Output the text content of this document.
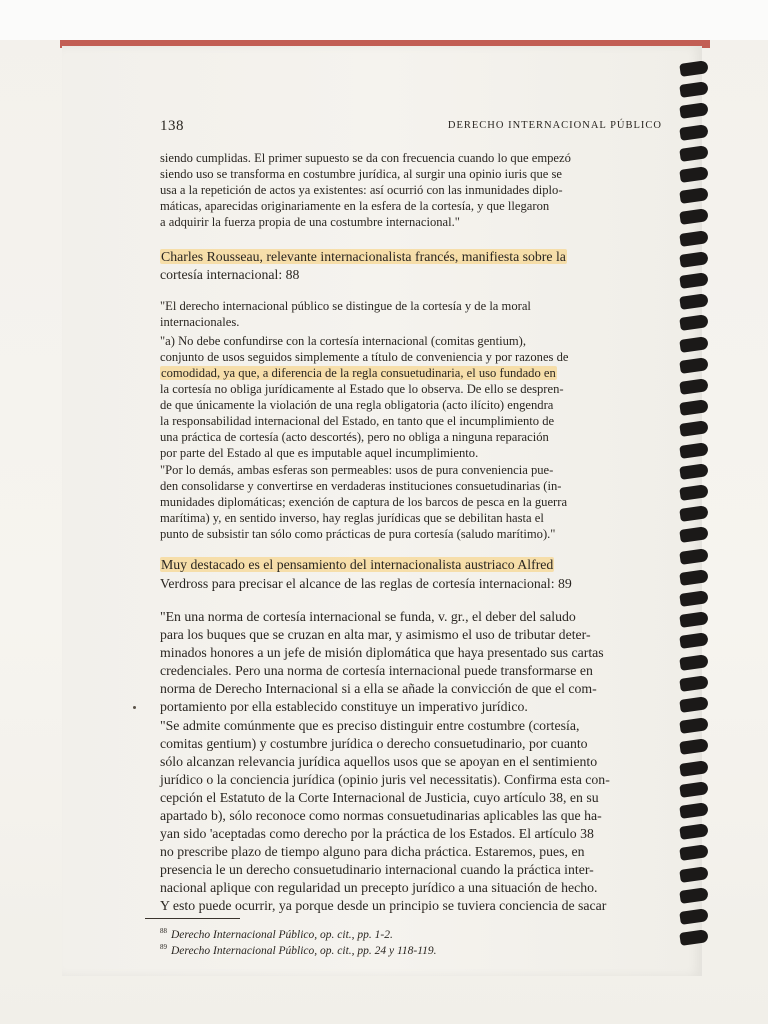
138	DERECHO INTERNACIONAL PÚBLICO
siendo cumplidas. El primer supuesto se da con frecuencia cuando lo que empezó
siendo uso se transforma en costumbre jurídica, al surgir una opinio iuris que se
usa a la repetición de actos ya existentes: así ocurrió con las inmunidades diplo-
máticas, aparecidas originariamente en la esfera de la cortesía, y que llegaron
a adquirir la fuerza propia de una costumbre internacional."
Charles Rousseau, relevante internacionalista francés, manifiesta sobre la
cortesía internacional: 88
"El derecho internacional público se distingue de la cortesía y de la moral
internacionales.
"a) No debe confundirse con la cortesía internacional (comitas gentium),
conjunto de usos seguidos simplemente a título de conveniencia y por razones de
comodidad, ya que, a diferencia de la regla consuetudinaria, el uso fundado en
la cortesía no obliga jurídicamente al Estado que lo observa. De ello se despren-
de que únicamente la violación de una regla obligatoria (acto ilícito) engendra
la responsabilidad internacional del Estado, en tanto que el incumplimiento de
una práctica de cortesía (acto descortés), pero no obliga a ninguna reparación
por parte del Estado al que es imputable aquel incumplimiento.
"Por lo demás, ambas esferas son permeables: usos de pura conveniencia pue-
den consolidarse y convertirse en verdaderas instituciones consuetudinarias (in-
munidades diplomáticas; exención de captura de los barcos de pesca en la guerra
marítima) y, en sentido inverso, hay reglas jurídicas que se debilitan hasta el
punto de subsistir tan sólo como prácticas de pura cortesía (saludo marítimo)."
Muy destacado es el pensamiento del internacionalista austriaco Alfred
Verdross para precisar el alcance de las reglas de cortesía internacional: 89
"En una norma de cortesía internacional se funda, v. gr., el deber del saludo
para los buques que se cruzan en alta mar, y asimismo el uso de tributar deter-
minados honores a un jefe de misión diplomática que haya presentado sus cartas
credenciales. Pero una norma de cortesía internacional puede transformarse en
norma de Derecho Internacional si a ella se añade la convicción de que el com-
portamiento por ella establecido constituye un imperativo jurídico.
"Se admite comúnmente que es preciso distinguir entre costumbre (cortesía,
comitas gentium) y costumbre jurídica o derecho consuetudinario, por cuanto
sólo alcanzan relevancia jurídica aquellos usos que se apoyan en el sentimiento
jurídico o la conciencia jurídica (opinio juris vel necessitatis). Confirma esta con-
cepción el Estatuto de la Corte Internacional de Justicia, cuyo artículo 38, en su
apartado b), sólo reconoce como normas consuetudinarias aplicables las que ha-
yan sido 'aceptadas como derecho por la práctica de los Estados. El artículo 38
no prescribe plazo de tiempo alguno para dicha práctica. Estaremos, pues, en
presencia le un derecho consuetudinario internacional cuando la práctica inter-
nacional aplique con regularidad un precepto jurídico a una situación de hecho.
Y esto puede ocurrir, ya porque desde un principio se tuviera conciencia de sacar
$^{88}$ Derecho Internacional Público, op. cit., pp. 1-2.
$^{89}$ Derecho Internacional Público, op. cit., pp. 24 y 118-119.
